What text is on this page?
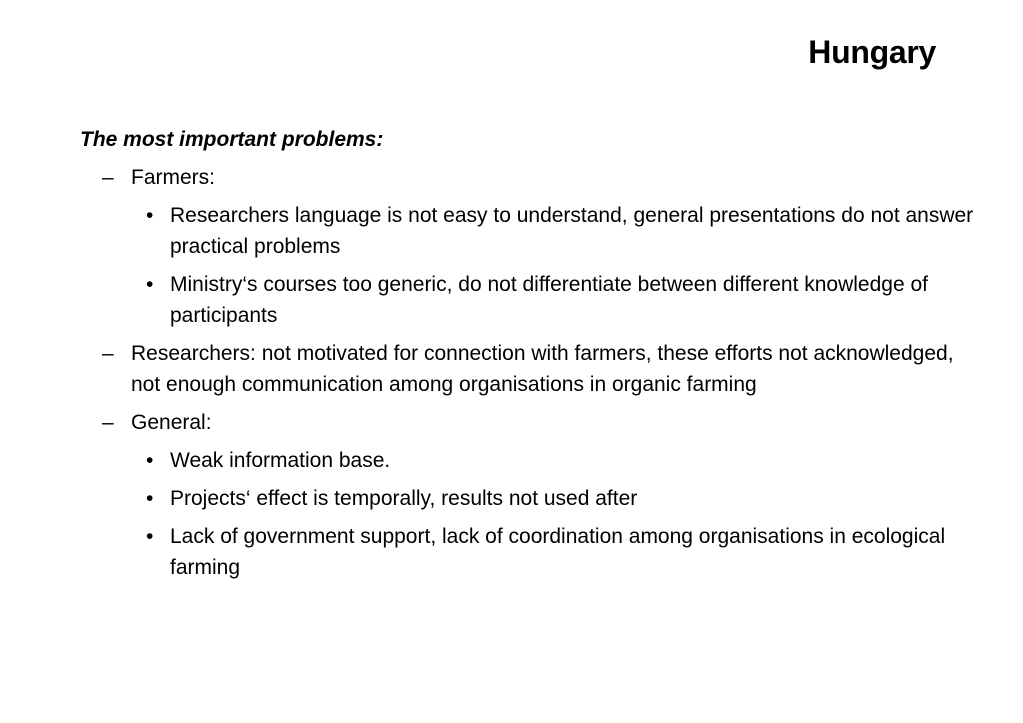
Hungary
The most important problems:
– Farmers:
• Researchers language is not easy to understand, general presentations do not answer practical problems
• Ministry‘s courses too generic, do not differentiate between different knowledge of participants
– Researchers: not motivated for connection with farmers, these efforts not acknowledged, not enough communication among organisations in organic farming
– General:
• Weak information base.
• Projects‘ effect is temporally, results not used after
• Lack of government support, lack of coordination among organisations in ecological farming
